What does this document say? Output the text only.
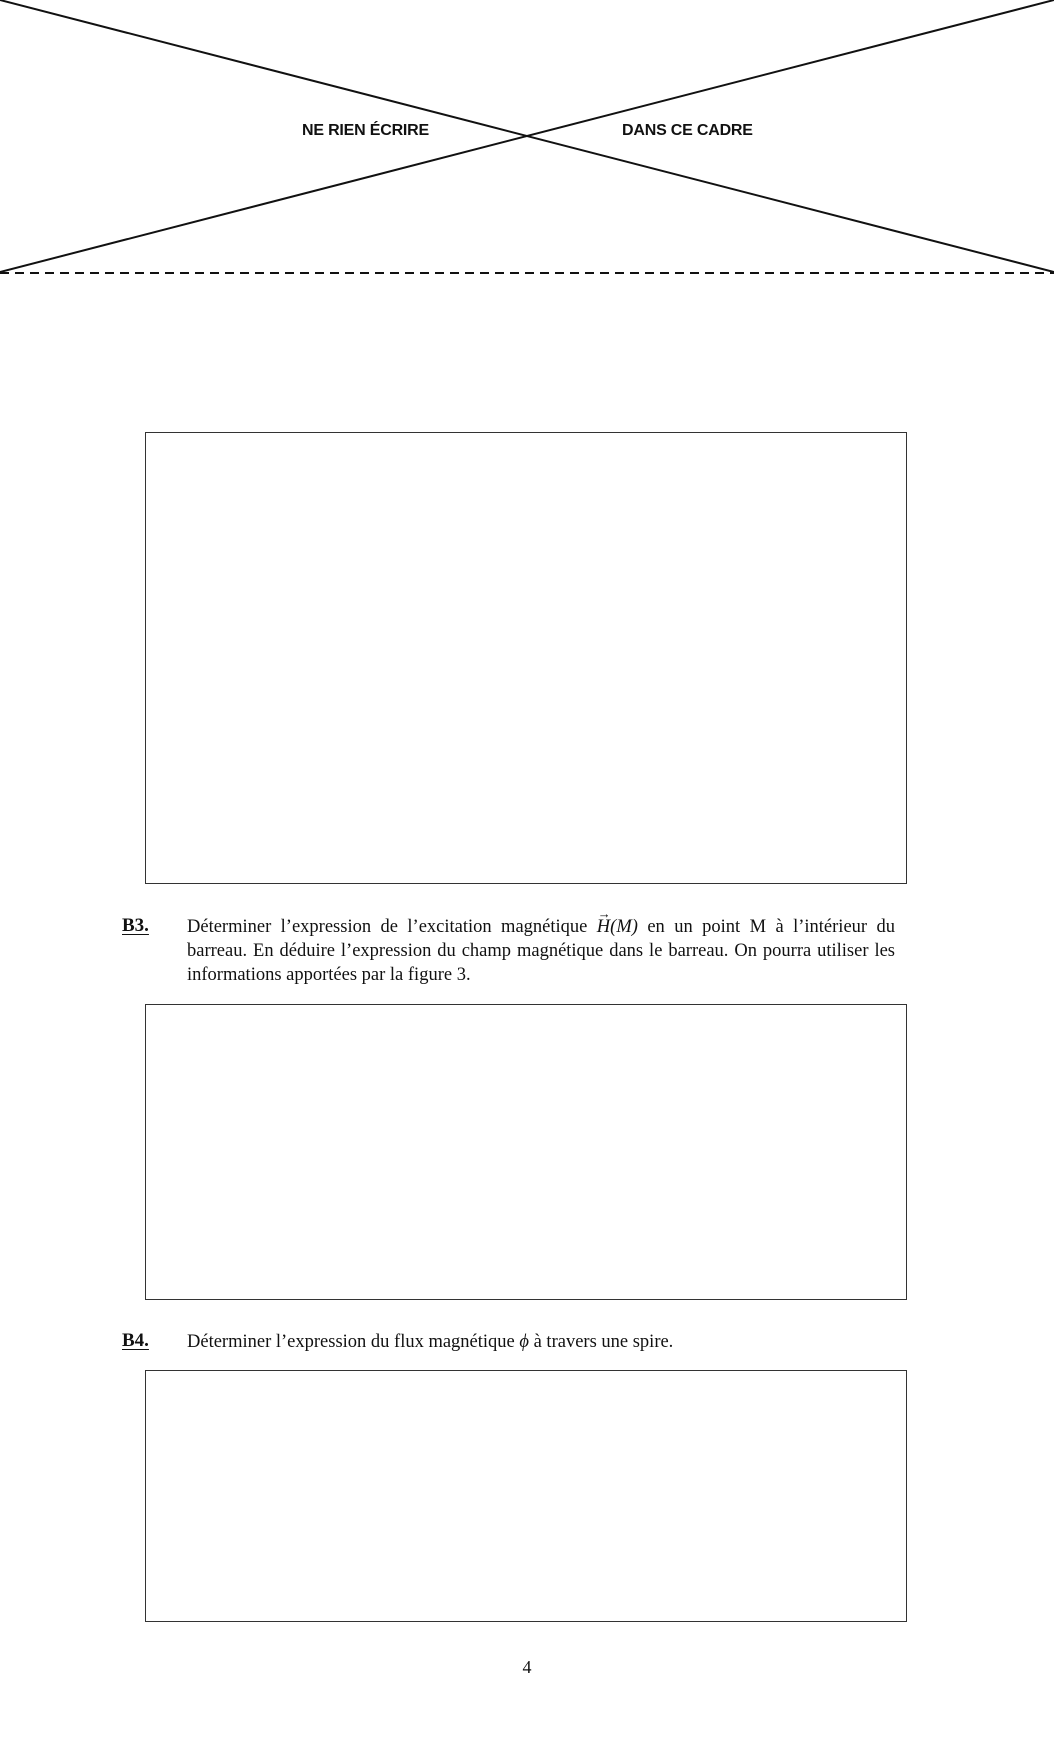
NE RIEN ÉCRIRE	DANS CE CADRE
B3. Déterminer l’expression de l’excitation magnétique → H(M) en un point M à l’intérieur du barreau. En déduire l’expression du champ magnétique dans le barreau. On pourra utiliser les informations apportées par la figure 3.
B4. Déterminer l’expression du flux magnétique ϕ à travers une spire.
4
